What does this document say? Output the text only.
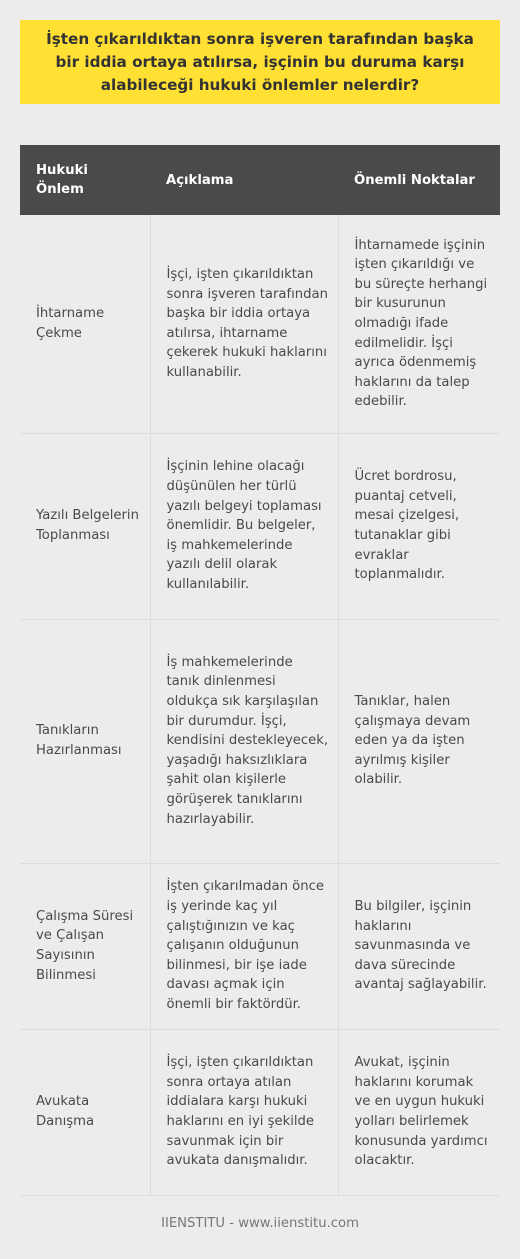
İşten çıkarıldıktan sonra işveren tarafından başka bir iddia ortaya atılırsa, işçinin bu duruma karşı alabileceği hukuki önlemler nelerdir?
Hukuki Önlem	Açıklama	Önemli Noktalar
İhtarname Çekme	İşçi, işten çıkarıldıktan sonra işveren tarafından başka bir iddia ortaya atılırsa, ihtarname çekerek hukuki haklarını kullanabilir.	İhtarnamede işçinin işten çıkarıldığı ve bu süreçte herhangi bir kusurunun olmadığı ifade edilmelidir. İşçi ayrıca ödenmemiş haklarını da talep edebilir.
Yazılı Belgelerin Toplanması	İşçinin lehine olacağı düşünülen her türlü yazılı belgeyi toplaması önemlidir. Bu belgeler, iş mahkemelerinde yazılı delil olarak kullanılabilir.	Ücret bordrosu, puantaj cetveli, mesai çizelgesi, tutanaklar gibi evraklar toplanmalıdır.
Tanıkların Hazırlanması	İş mahkemelerinde tanık dinlenmesi oldukça sık karşılaşılan bir durumdur. İşçi, kendisini destekleyecek, yaşadığı haksızlıklara şahit olan kişilerle görüşerek tanıklarını hazırlayabilir.	Tanıklar, halen çalışmaya devam eden ya da işten ayrılmış kişiler olabilir.
Çalışma Süresi ve Çalışan Sayısının Bilinmesi	İşten çıkarılmadan önce iş yerinde kaç yıl çalıştığınızın ve kaç çalışanın olduğunun bilinmesi, bir işe iade davası açmak için önemli bir faktördür.	Bu bilgiler, işçinin haklarını savunmasında ve dava sürecinde avantaj sağlayabilir.
Avukata Danışma	İşçi, işten çıkarıldıktan sonra ortaya atılan iddialara karşı hukuki haklarını en iyi şekilde savunmak için bir avukata danışmalıdır.	Avukat, işçinin haklarını korumak ve en uygun hukuki yolları belirlemek konusunda yardımcı olacaktır.
IIENSTITU - www.iienstitu.com
